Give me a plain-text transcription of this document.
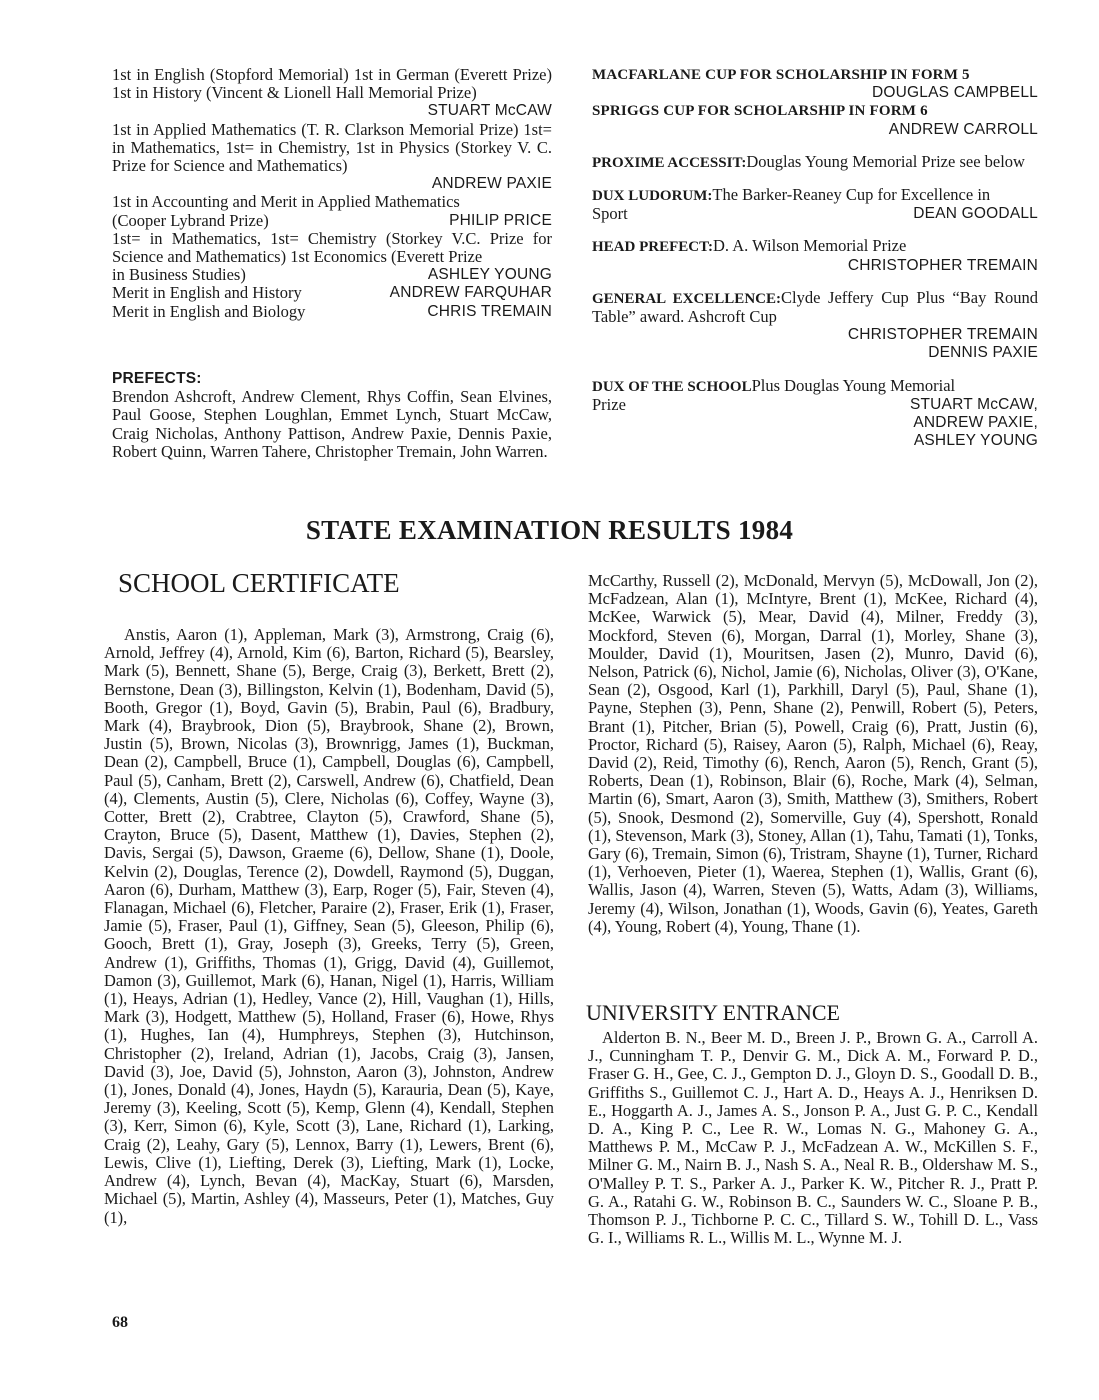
1st in English (Stopford Memorial) 1st in German (Everett Prize) 1st in History (Vincent & Lionell Hall Memorial Prize)

STUART McCAW

1st in Applied Mathematics (T. R. Clarkson Memorial Prize) 1st= in Mathematics, 1st= in Chemistry, 1st in Physics (Storkey V. C. Prize for Science and Mathematics)

ANDREW PAXIE

1st in Accounting and Merit in Applied Mathematics

(Cooper Lybrand Prize)	PHILIP PRICE

1st= in Mathematics, 1st= Chemistry (Storkey V.C. Prize for Science and Mathematics) 1st Economics (Everett Prize

in Business Studies)	ASHLEY YOUNG
Merit in English and History	ANDREW FARQUHAR
Merit in English and Biology	CHRIS TREMAIN

PREFECTS:

Brendon Ashcroft, Andrew Clement, Rhys Coffin, Sean Elvines, Paul Goose, Stephen Loughlan, Emmet Lynch, Stuart McCaw, Craig Nicholas, Anthony Pattison, Andrew Paxie, Dennis Paxie, Robert Quinn, Warren Tahere, Christopher Tremain, John Warren.

MACFARLANE CUP FOR SCHOLARSHIP IN FORM 5

DOUGLAS CAMPBELL

SPRIGGS CUP FOR SCHOLARSHIP IN FORM 6

ANDREW CARROLL

PROXIME ACCESSIT:Douglas Young Memorial Prize see below

DUX LUDORUM:The Barker-Reaney Cup for Excellence in

Sport	DEAN GOODALL

HEAD PREFECT:D. A. Wilson Memorial Prize

CHRISTOPHER TREMAIN

GENERAL EXCELLENCE:Clyde Jeffery Cup Plus “Bay Round Table” award. Ashcroft Cup

CHRISTOPHER TREMAIN

DENNIS PAXIE

DUX OF THE SCHOOLPlus Douglas Young Memorial

Prize	STUART McCAW,

ANDREW PAXIE,

ASHLEY YOUNG

STATE EXAMINATION RESULTS 1984
SCHOOL CERTIFICATE
Anstis, Aaron (1), Appleman, Mark (3), Armstrong, Craig (6), Arnold, Jeffrey (4), Arnold, Kim (6), Barton, Richard (5), Bearsley, Mark (5), Bennett, Shane (5), Berge, Craig (3), Berkett, Brett (2), Bernstone, Dean (3), Billingston, Kelvin (1), Bodenham, David (5), Booth, Gregor (1), Boyd, Gavin (5), Brabin, Paul (6), Bradbury, Mark (4), Braybrook, Dion (5), Braybrook, Shane (2), Brown, Justin (5), Brown, Nicolas (3), Brownrigg, James (1), Buckman, Dean (2), Campbell, Bruce (1), Campbell, Douglas (6), Campbell, Paul (5), Canham, Brett (2), Carswell, Andrew (6), Chatfield, Dean (4), Clements, Austin (5), Clere, Nicholas (6), Coffey, Wayne (3), Cotter, Brett (2), Crabtree, Clayton (5), Crawford, Shane (5), Crayton, Bruce (5), Dasent, Matthew (1), Davies, Stephen (2), Davis, Sergai (5), Dawson, Graeme (6), Dellow, Shane (1), Doole, Kelvin (2), Douglas, Terence (2), Dowdell, Raymond (5), Duggan, Aaron (6), Durham, Matthew (3), Earp, Roger (5), Fair, Steven (4), Flanagan, Michael (6), Fletcher, Paraire (2), Fraser, Erik (1), Fraser, Jamie (5), Fraser, Paul (1), Giffney, Sean (5), Gleeson, Philip (6), Gooch, Brett (1), Gray, Joseph (3), Greeks, Terry (5), Green, Andrew (1), Griffiths, Thomas (1), Grigg, David (4), Guillemot, Damon (3), Guillemot, Mark (6), Hanan, Nigel (1), Harris, William (1), Heays, Adrian (1), Hedley, Vance (2), Hill, Vaughan (1), Hills, Mark (3), Hodgett, Matthew (5), Holland, Fraser (6), Howe, Rhys (1), Hughes, Ian (4), Humphreys, Stephen (3), Hutchinson, Christopher (2), Ireland, Adrian (1), Jacobs, Craig (3), Jansen, David (3), Joe, David (5), Johnston, Aaron (3), Johnston, Andrew (1), Jones, Donald (4), Jones, Haydn (5), Karauria, Dean (5), Kaye, Jeremy (3), Keeling, Scott (5), Kemp, Glenn (4), Kendall, Stephen (3), Kerr, Simon (6), Kyle, Scott (3), Lane, Richard (1), Larking, Craig (2), Leahy, Gary (5), Lennox, Barry (1), Lewers, Brent (6), Lewis, Clive (1), Liefting, Derek (3), Liefting, Mark (1), Locke, Andrew (4), Lynch, Bevan (4), MacKay, Stuart (6), Marsden, Michael (5), Martin, Ashley (4), Masseurs, Peter (1), Matches, Guy (1),
McCarthy, Russell (2), McDonald, Mervyn (5), McDowall, Jon (2), McFadzean, Alan (1), McIntyre, Brent (1), McKee, Richard (4), McKee, Warwick (5), Mear, David (4), Milner, Freddy (3), Mockford, Steven (6), Morgan, Darral (1), Morley, Shane (3), Moulder, David (1), Mouritsen, Jasen (2), Munro, David (6), Nelson, Patrick (6), Nichol, Jamie (6), Nicholas, Oliver (3), O'Kane, Sean (2), Osgood, Karl (1), Parkhill, Daryl (5), Paul, Shane (1), Payne, Stephen (3), Penn, Shane (2), Penwill, Robert (5), Peters, Brant (1), Pitcher, Brian (5), Powell, Craig (6), Pratt, Justin (6), Proctor, Richard (5), Raisey, Aaron (5), Ralph, Michael (6), Reay, David (2), Reid, Timothy (6), Rench, Aaron (5), Rench, Grant (5), Roberts, Dean (1), Robinson, Blair (6), Roche, Mark (4), Selman, Martin (6), Smart, Aaron (3), Smith, Matthew (3), Smithers, Robert (5), Snook, Desmond (2), Somerville, Guy (4), Spershott, Ronald (1), Stevenson, Mark (3), Stoney, Allan (1), Tahu, Tamati (1), Tonks, Gary (6), Tremain, Simon (6), Tristram, Shayne (1), Turner, Richard (1), Verhoeven, Pieter (1), Waerea, Stephen (1), Wallis, Grant (6), Wallis, Jason (4), Warren, Steven (5), Watts, Adam (3), Williams, Jeremy (4), Wilson, Jonathan (1), Woods, Gavin (6), Yeates, Gareth (4), Young, Robert (4), Young, Thane (1).
UNIVERSITY ENTRANCE
Alderton B. N., Beer M. D., Breen J. P., Brown G. A., Carroll A. J., Cunningham T. P., Denvir G. M., Dick A. M., Forward P. D., Fraser G. H., Gee, C. J., Gempton D. J., Gloyn D. S., Goodall D. B., Griffiths S., Guillemot C. J., Hart A. D., Heays A. J., Henriksen D. E., Hoggarth A. J., James A. S., Jonson P. A., Just G. P. C., Kendall D. A., King P. C., Lee R. W., Lomas N. G., Mahoney G. A., Matthews P. M., McCaw P. J., McFadzean A. W., McKillen S. F., Milner G. M., Nairn B. J., Nash S. A., Neal R. B., Oldershaw M. S., O'Malley P. T. S., Parker A. J., Parker K. W., Pitcher R. J., Pratt P. G. A., Ratahi G. W., Robinson B. C., Saunders W. C., Sloane P. B., Thomson P. J., Tichborne P. C. C., Tillard S. W., Tohill D. L., Vass G. I., Williams R. L., Willis M. L., Wynne M. J.
68
